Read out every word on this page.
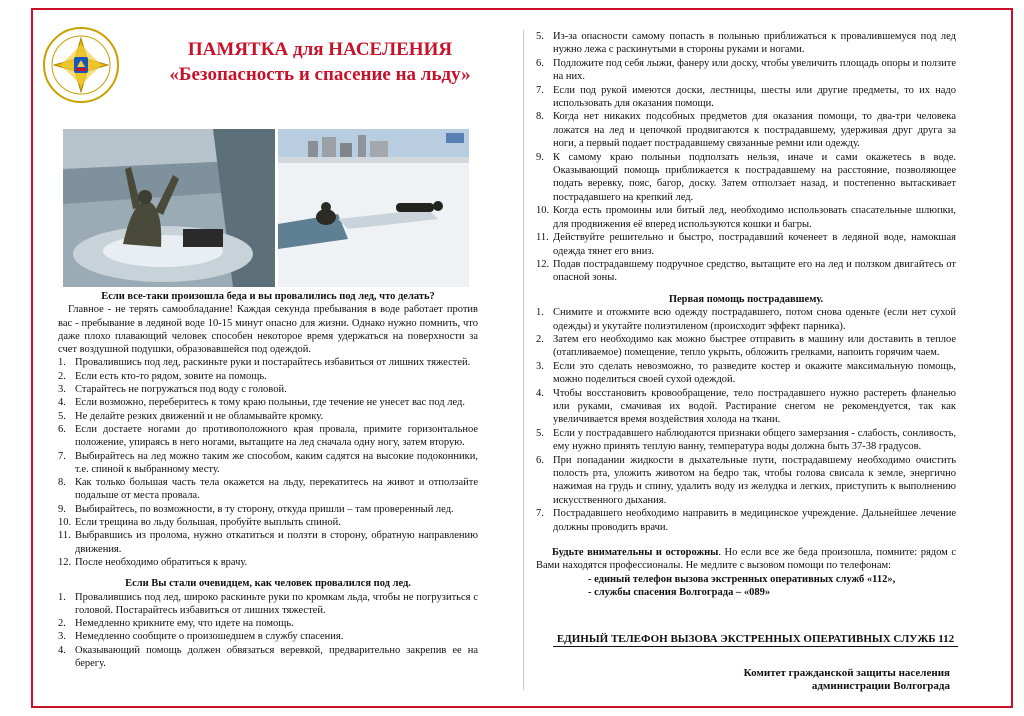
ПАМЯТКА для НАСЕЛЕНИЯ
«Безопасность и спасение на льду»
Если все-таки произошла беда и вы провалились под лед, что делать?
Главное - не терять самообладание! Каждая секунда пребывания в воде работает против вас - пребывание в ледяной воде 10-15 минут опасно для жизни. Однако нужно помнить, что даже плохо плавающий человек способен некоторое время удержаться на поверхности за счет воздушной подушки, образовавшейся под одеждой.
1. Провалившись под лед, раскиньте руки и постарайтесь избавиться от лишних тяжестей.
2. Если есть кто-то рядом, зовите на помощь.
3. Старайтесь не погружаться под воду с головой.
4. Если возможно, переберитесь к тому краю полыньи, где течение не унесет вас под лед.
5. Не делайте резких движений и не обламывайте кромку.
6. Если достаете ногами до противоположного края провала, примите горизонтальное положение, упираясь в него ногами, вытащите на лед сначала одну ногу, затем вторую.
7. Выбирайтесь на лед можно таким же способом, каким садятся на высокие подоконники, т.е. спиной к выбранному месту.
8. Как только большая часть тела окажется на льду, перекатитесь на живот и отползайте подальше от места провала.
9. Выбирайтесь, по возможности, в ту сторону, откуда пришли – там проверенный лед.
10. Если трещина во льду большая, пробуйте выплыть спиной.
11. Выбравшись из пролома, нужно откатиться и ползти в сторону, обратную направлению движения.
12. После необходимо обратиться к врачу.
Если Вы стали очевидцем, как человек провалился под лед.
1. Провалившись под лед, широко раскиньте руки по кромкам льда, чтобы не погрузиться с головой. Постарайтесь избавиться от лишних тяжестей.
2. Немедленно крикните ему, что идете на помощь.
3. Немедленно сообщите о произошедшем в службу спасения.
4. Оказывающий помощь должен обвязаться веревкой, предварительно закрепив ее на берегу.
5. Из-за опасности самому попасть в полынью приближаться к провалившемуся под лед нужно лежа с раскинутыми в стороны руками и ногами.
6. Подложите под себя лыжи, фанеру или доску, чтобы увеличить площадь опоры и ползите на них.
7. Если под рукой имеются доски, лестницы, шесты или другие предметы, то их надо использовать для оказания помощи.
8. Когда нет никаких подсобных предметов для оказания помощи, то два-три человека ложатся на лед и цепочкой продвигаются к пострадавшему, удерживая друг друга за ноги, а первый подает пострадавшему связанные ремни или одежду.
9. К самому краю полыньи подползать нельзя, иначе и сами окажетесь в воде. Оказывающий помощь приближается к пострадавшему на расстояние, позволяющее подать веревку, пояс, багор, доску. Затем отползает назад, и постепенно вытаскивает пострадавшего на крепкий лед.
10. Когда есть промоины или битый лед, необходимо использовать спасательные шлюпки, для продвижения её вперед используются кошки и багры.
11. Действуйте решительно и быстро, пострадавший коченеет в ледяной воде, намокшая одежда тянет его вниз.
12. Подав пострадавшему подручное средство, вытащите его на лед и ползком двигайтесь от опасной зоны.
Первая помощь пострадавшему.
1. Снимите и отожмите всю одежду пострадавшего, потом снова оденьте (если нет сухой одежды) и укутайте полиэтиленом (происходит эффект парника).
2. Затем его необходимо как можно быстрее отправить в машину или доставить в теплое (отапливаемое) помещение, тепло укрыть, обложить грелками, напоить горячим чаем.
3. Если это сделать невозможно, то разведите костер и окажите максимальную помощь, можно поделиться своей сухой одеждой.
4. Чтобы восстановить кровообращение, тело пострадавшего нужно растереть фланелью или руками, смачивая их водой. Растирание снегом не рекомендуется, так как увеличивается время воздействия холода на ткани.
5. Если у пострадавшего наблюдаются признаки общего замерзания - слабость, сонливость, ему нужно принять теплую ванну, температура воды должна быть 37-38 градусов.
6. При попадании жидкости в дыхательные пути, пострадавшему необходимо очистить полость рта, уложить животом на бедро так, чтобы голова свисала к земле, энергично нажимая на грудь и спину, удалить воду из желудка и легких, приступить к выполнению искусственного дыхания.
7. Пострадавшего необходимо направить в медицинское учреждение. Дальнейшее лечение должны проводить врачи.
Будьте внимательны и осторожны. Но если все же беда произошла, помните: рядом с Вами находятся профессионалы. Не медлите с вызовом помощи по телефонам:
- единый телефон вызова экстренных оперативных служб «112»,
- службы спасения Волгограда – «089»
ЕДИНЫЙ ТЕЛЕФОН ВЫЗОВА ЭКСТРЕННЫХ ОПЕРАТИВНЫХ СЛУЖБ 112
Комитет гражданской защиты населения
администрации Волгограда
